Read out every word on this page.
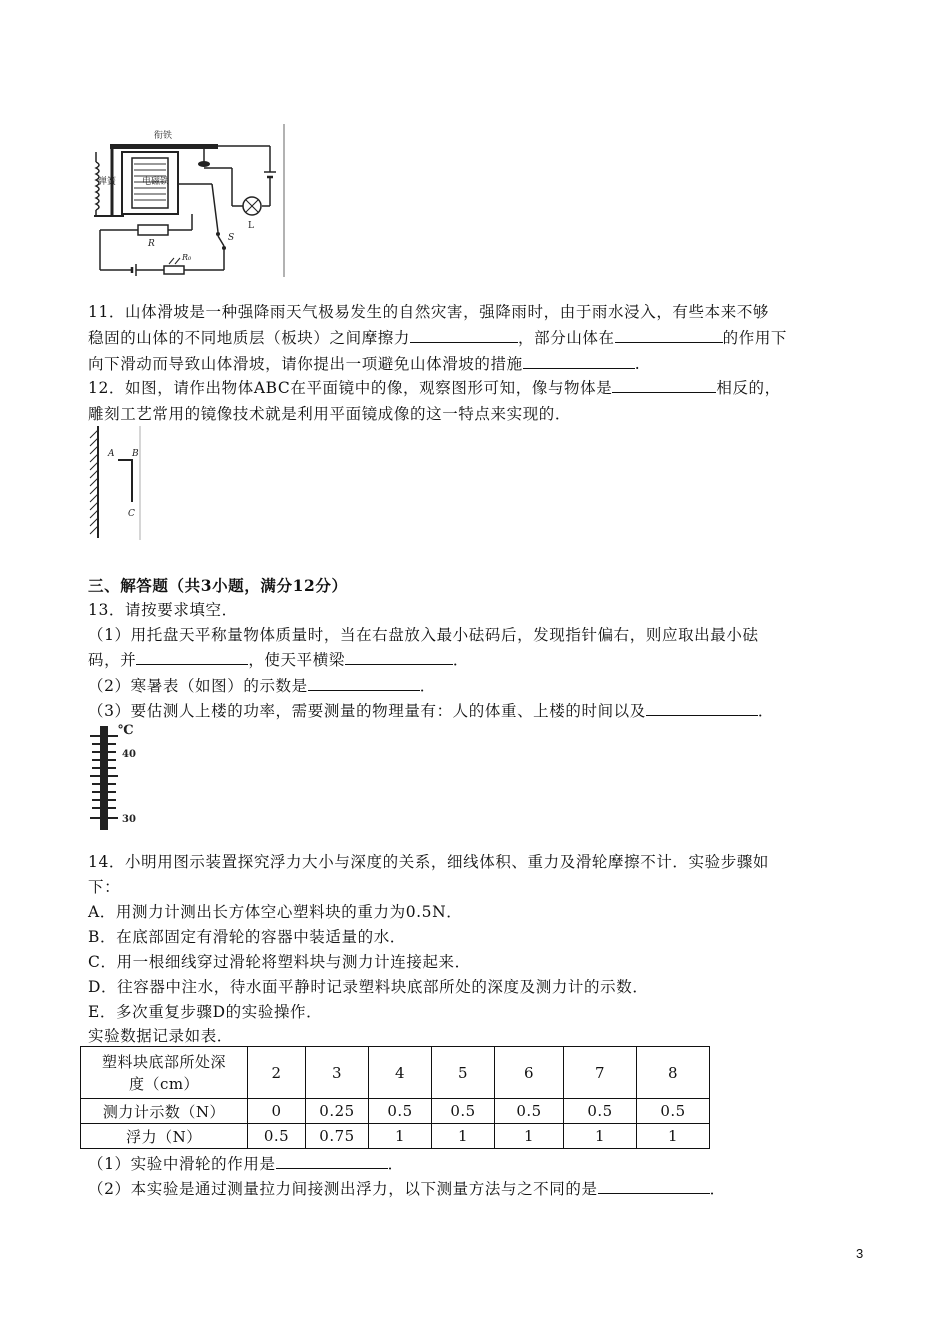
弹簧	电磁铁
衔铁
L
S
R₀
R
11．山体滑坡是一种强降雨天气极易发生的自然灾害，强降雨时，由于雨水浸入，有些本来不够
稳固的山体的不同地质层（板块）之间摩擦力	，部分山体在	的作用下
向下滑动而导致山体滑坡，请你提出一项避免山体滑坡的措施	.
12．如图，请作出物体ABC在平面镜中的像，观察图形可知，像与物体是	相反的，
雕刻工艺常用的镜像技术就是利用平面镜成像的这一特点来实现的．
A B
C
三、解答题（共3小题，满分12分）
13．请按要求填空．
（1）用托盘天平称量物体质量时，当在右盘放入最小砝码后，发现指针偏右，则应取出最小砝
码，并	，使天平横梁	．
（2）寒暑表（如图）的示数是	．
（3）要估测人上楼的功率，需要测量的物理量有：人的体重、上楼的时间以及	．
℃
40
30
14．小明用图示装置探究浮力大小与深度的关系，细线体积、重力及滑轮摩擦不计．实验步骤如
下：
A．用测力计测出长方体空心塑料块的重力为0.5N．
B．在底部固定有滑轮的容器中装适量的水．
C．用一根细线穿过滑轮将塑料块与测力计连接起来．
D．往容器中注水，待水面平静时记录塑料块底部所处的深度及测力计的示数．
E．多次重复步骤D的实验操作．
实验数据记录如表．
塑料块底部所处深
度（cm）	2	3	4	5	6	7	8
测力计示数（N）	0	0.25	0.5	0.5	0.5	0.5	0.5
浮力（N）	0.5	0.75	1	1	1	1	1
（1）实验中滑轮的作用是	．
（2）本实验是通过测量拉力间接测出浮力，以下测量方法与之不同的是	．
3
